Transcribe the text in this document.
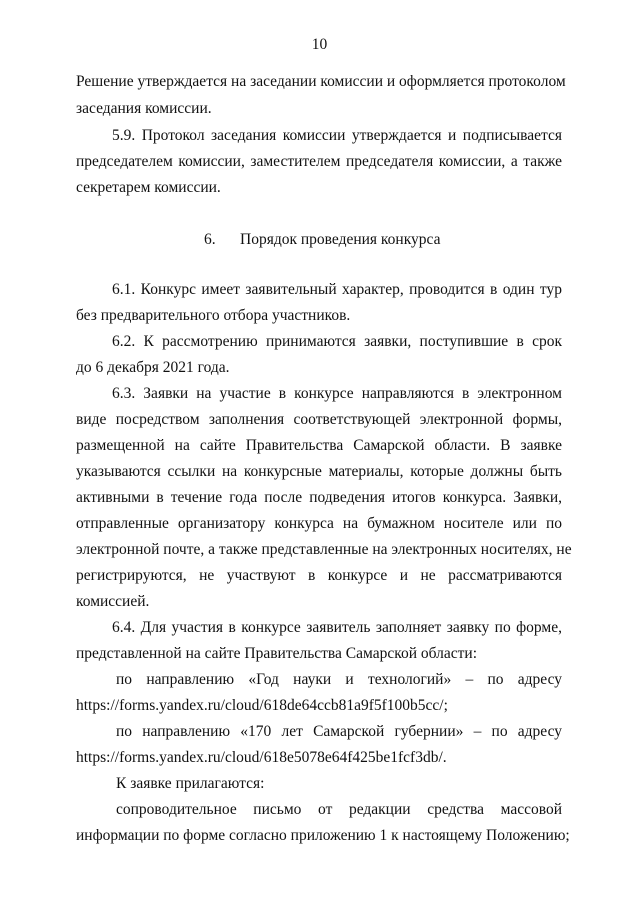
10
Решение утверждается на заседании комиссии и оформляется протоколом
заседания комиссии.
5.9. Протокол заседания комиссии утверждается и подписывается
председателем комиссии, заместителем председателя комиссии, а также
секретарем комиссии.
6. Порядок проведения конкурса
6.1. Конкурс имеет заявительный характер, проводится в один тур
без предварительного отбора участников.
6.2. К рассмотрению принимаются заявки, поступившие в срок
до 6 декабря 2021 года.
6.3. Заявки на участие в конкурсе направляются в электронном
виде посредством заполнения соответствующей электронной формы,
размещенной на сайте Правительства Самарской области. В заявке
указываются ссылки на конкурсные материалы, которые должны быть
активными в течение года после подведения итогов конкурса. Заявки,
отправленные организатору конкурса на бумажном носителе или по
электронной почте, а также представленные на электронных носителях, не
регистрируются, не участвуют в конкурсе и не рассматриваются
комиссией.
6.4. Для участия в конкурсе заявитель заполняет заявку по форме,
представленной на сайте Правительства Самарской области:
по направлению «Год науки и технологий» – по адресу
https://forms.yandex.ru/cloud/618de64ccb81a9f5f100b5cc/;
по направлению «170 лет Самарской губернии» – по адресу
https://forms.yandex.ru/cloud/618e5078e64f425be1fcf3db/.
К заявке прилагаются:
сопроводительное письмо от редакции средства массовой
информации по форме согласно приложению 1 к настоящему Положению;
